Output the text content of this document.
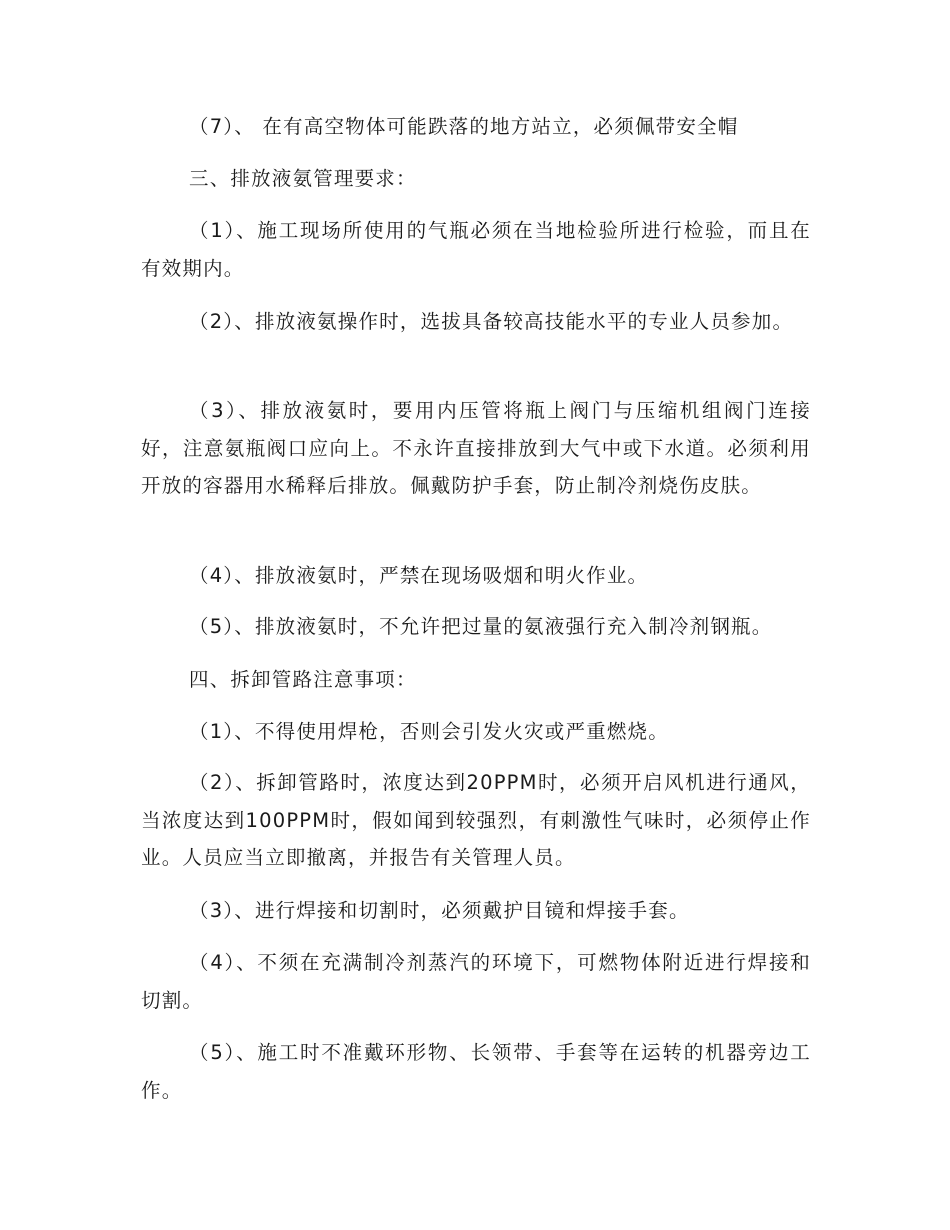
（7）、 在有高空物体可能跌落的地方站立，必须佩带安全帽

三、排放液氨管理要求：

（1）、施工现场所使用的气瓶必须在当地检验所进行检验，而且在有效期内。

（2）、排放液氨操作时，选拔具备较高技能水平的专业人员参加。

（3）、排放液氨时，要用内压管将瓶上阀门与压缩机组阀门连接好，注意氨瓶阀口应向上。不永许直接排放到大气中或下水道。必须利用开放的容器用水稀释后排放。佩戴防护手套，防止制冷剂烧伤皮肤。

（4）、排放液氨时，严禁在现场吸烟和明火作业。

（5）、排放液氨时，不允许把过量的氨液强行充入制冷剂钢瓶。

四、拆卸管路注意事项：

（1）、不得使用焊枪，否则会引发火灾或严重燃烧。

（2）、拆卸管路时，浓度达到20PPM时，必须开启风机进行通风，当浓度达到100PPM时，假如闻到较强烈，有刺激性气味时，必须停止作业。人员应当立即撤离，并报告有关管理人员。

（3）、进行焊接和切割时，必须戴护目镜和焊接手套。

（4）、不须在充满制冷剂蒸汽的环境下，可燃物体附近进行焊接和切割。

（5）、施工时不准戴环形物、长领带、手套等在运转的机器旁边工作。
